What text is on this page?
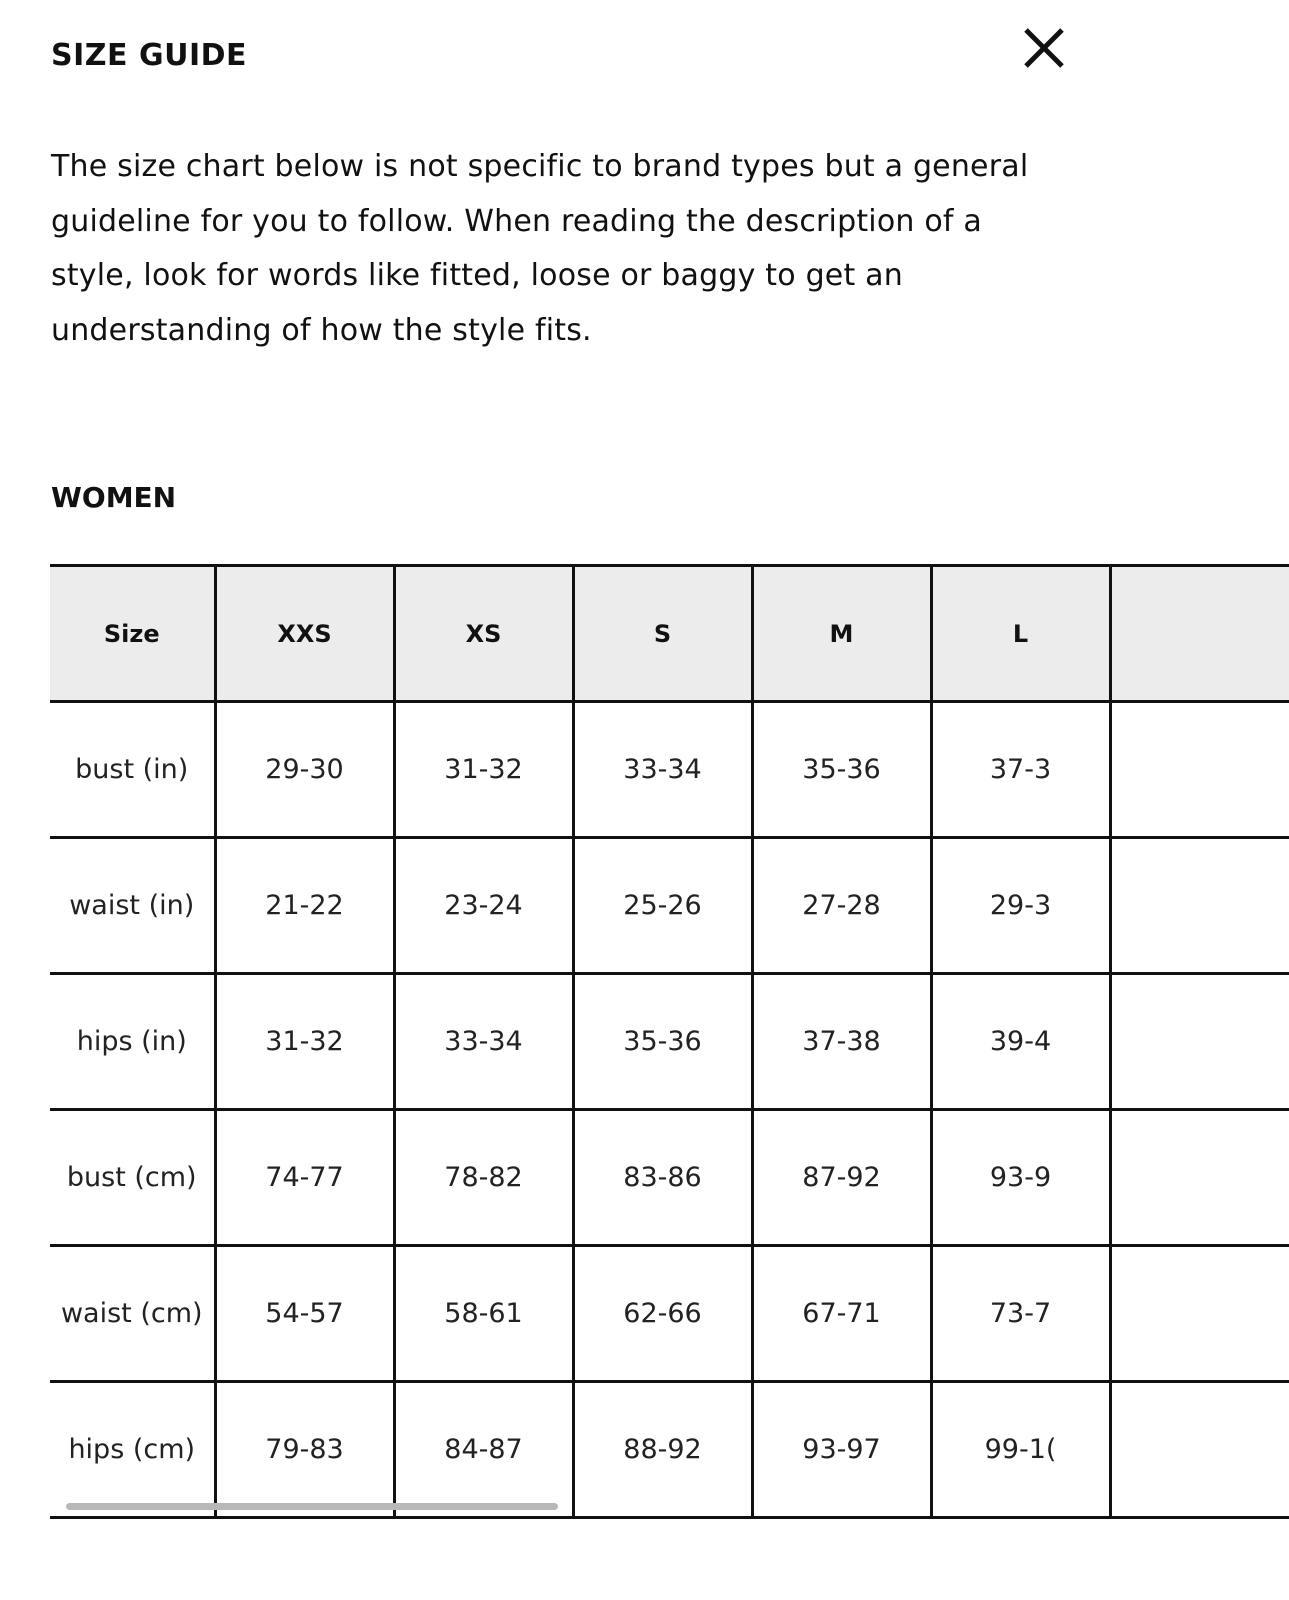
SIZE GUIDE

The size chart below is not specific to brand types but a general guideline for you to follow. When reading the description of a style, look for words like fitted, loose or baggy to get an understanding of how the style fits.

WOMEN
Size	XXS	XS	S	M	L	
bust (in)	29-30	31-32	33-34	35-36	37-3	
waist (in)	21-22	23-24	25-26	27-28	29-3	
hips (in)	31-32	33-34	35-36	37-38	39-4	
bust (cm)	74-77	78-82	83-86	87-92	93-9	
waist (cm)	54-57	58-61	62-66	67-71	73-7	
hips (cm)	79-83	84-87	88-92	93-97	99-1(	
